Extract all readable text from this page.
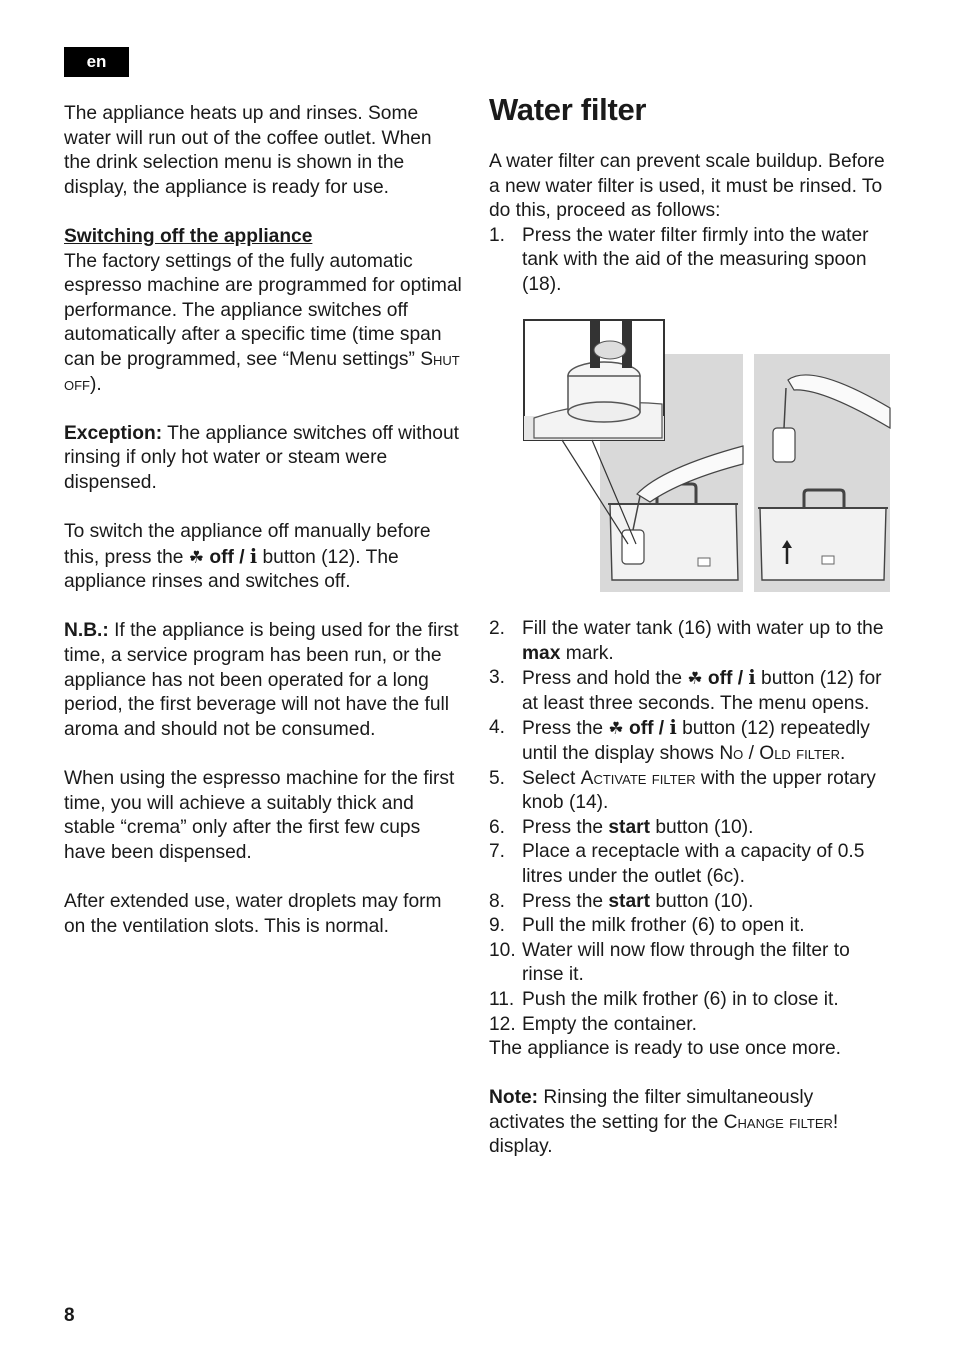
en

The appliance heats up and rinses. Some water will run out of the coffee outlet. When the drink selection menu is shown in the display, the appliance is ready for use.

Switching off the appliance

The factory settings of the fully automatic espresso machine are programmed for optimal performance. The appliance switches off automatically after a specific time (time span can be programmed, see “Menu settings” Shut off).

Exception: The appliance switches off without rinsing if only hot water or steam were dispensed.

To switch the appliance off manually before this, press the ☘ off / i button (12). The appliance rinses and switches off.

N.B.: If the appliance is being used for the first time, a service program has been run, or the appliance has not been operated for a long period, the first beverage will not have the full aroma and should not be consumed.

When using the espresso machine for the first time, you will achieve a suitably thick and stable “crema” only after the first few cups have been dispensed.

After extended use, water droplets may form on the ventilation slots. This is normal.

Water filter

A water filter can prevent scale buildup. Before a new water filter is used, it must be rinsed. To do this, proceed as follows:

1. Press the water filter firmly into the water tank with the aid of the measuring spoon (18).
2. Fill the water tank (16) with water up to the max mark.
3. Press and hold the ☘ off / i button (12) for at least three seconds. The menu opens.
4. Press the ☘ off / i button (12) repeatedly until the display shows No / Old filter.
5. Select Activate filter with the upper rotary knob (14).
6. Press the start button (10).
7. Place a receptacle with a capacity of 0.5 litres under the outlet (6c).
8. Press the start button (10).
9. Pull the milk frother (6) to open it.
10. Water will now flow through the filter to rinse it.
11. Push the milk frother (6) in to close it.
12. Empty the container.

The appliance is ready to use once more.

Note: Rinsing the filter simultaneously activates the setting for the Change filter! display.

8
